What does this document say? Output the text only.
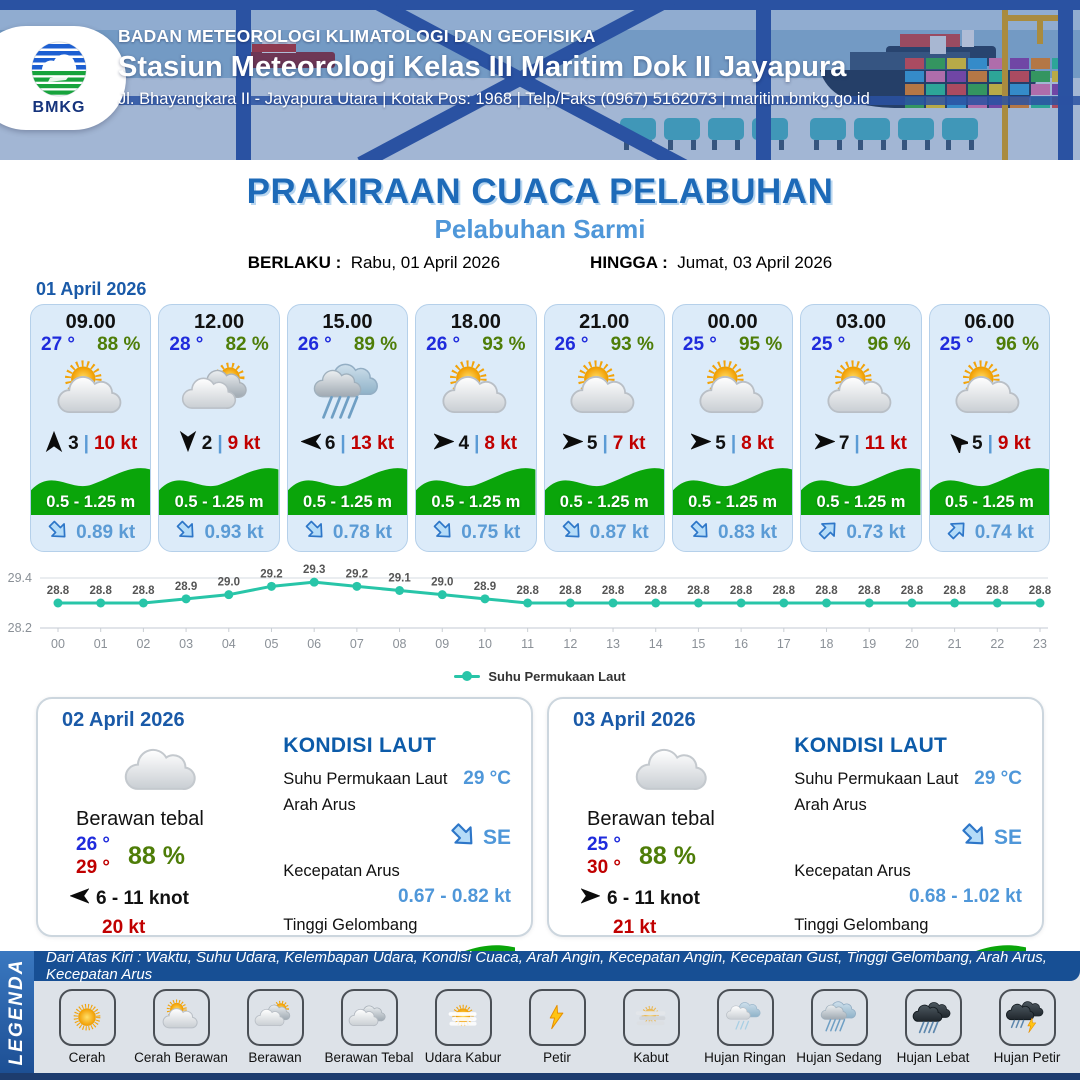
BMKG
BADAN METEOROLOGI KLIMATOLOGI DAN GEOFISIKA
Stasiun Meteorologi Kelas III Maritim Dok II Jayapura
Jl. Bhayangkara II - Jayapura Utara | Kotak Pos: 1968 | Telp/Faks (0967) 5162073 | maritim.bmkg.go.id
PRAKIRAAN CUACA PELABUHAN
Pelabuhan Sarmi
BERLAKU : Rabu, 01 April 2026	HINGGA : Jumat, 03 April 2026
01 April 2026
09.00
27 ° 88 %
3 | 10 kt
0.5 - 1.25 m
0.89 kt
12.00
28 ° 82 %
2 | 9 kt
0.5 - 1.25 m
0.93 kt
15.00
26 ° 89 %
6 | 13 kt
0.5 - 1.25 m
0.78 kt
18.00
26 ° 93 %
4 | 8 kt
0.5 - 1.25 m
0.75 kt
21.00
26 ° 93 %
5 | 7 kt
0.5 - 1.25 m
0.87 kt
00.00
25 ° 95 %
5 | 8 kt
0.5 - 1.25 m
0.83 kt
03.00
25 ° 96 %
7 | 11 kt
0.5 - 1.25 m
0.73 kt
06.00
25 ° 96 %
5 | 9 kt
0.5 - 1.25 m
0.74 kt
29.4
28.2
28.8
00
28.8
01
28.8
02
28.9
03
29.0
04
29.2
05
29.3
06
29.2
07
29.1
08
29.0
09
28.9
10
28.8
11
28.8
12
28.8
13
28.8
14
28.8
15
28.8
16
28.8
17
28.8
18
28.8
19
28.8
20
28.8
21
28.8
22
28.8
23
Suhu Permukaan Laut
02 April 2026
Berawan tebal
26 °
29 ° 88 %
6 - 11 knot
20 kt
KONDISI LAUT
Suhu Permukaan Laut 29 °C
Arah Arus
SE
Kecepatan Arus
0.67 - 0.82 kt
Tinggi Gelombang
03 April 2026
Berawan tebal
25 °
30 ° 88 %
6 - 11 knot
21 kt
KONDISI LAUT
Suhu Permukaan Laut 29 °C
Arah Arus
SE
Kecepatan Arus
0.68 - 1.02 kt
Tinggi Gelombang
LEGENDA
Dari Atas Kiri : Waktu, Suhu Udara, Kelembapan Udara, Kondisi Cuaca, Arah Angin, Kecepatan Angin, Kecepatan Gust, Tinggi Gelombang, Arah Arus, Kecepatan Arus
Cerah Cerah Berawan Berawan Berawan Tebal Udara Kabur	Petir	Kabut	Hujan Ringan Hujan Sedang Hujan Lebat Hujan Petir
